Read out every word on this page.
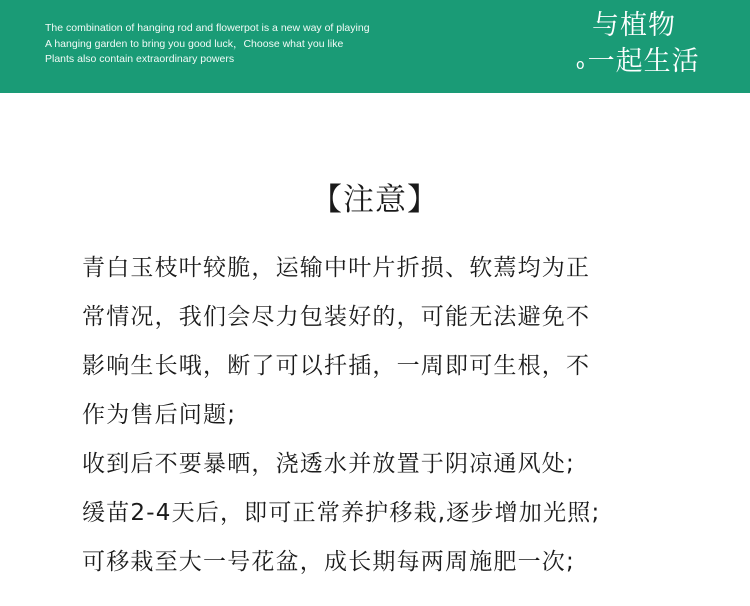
The combination of hanging rod and flowerpot is a new way of playing
A hanging garden to bring you good luck，Choose what you like
Plants also contain extraordinary powers
与植物
o一起生活
【注意】
青白玉枝叶较脆，运输中叶片折损、软蔫均为正
常情况，我们会尽力包装好的，可能无法避免不
影响生长哦，断了可以扦插，一周即可生根，不
作为售后问题;
收到后不要暴晒，浇透水并放置于阴凉通风处;
缓苗2-4天后，即可正常养护移栽,逐步增加光照;
可移栽至大一号花盆，成长期每两周施肥一次;
